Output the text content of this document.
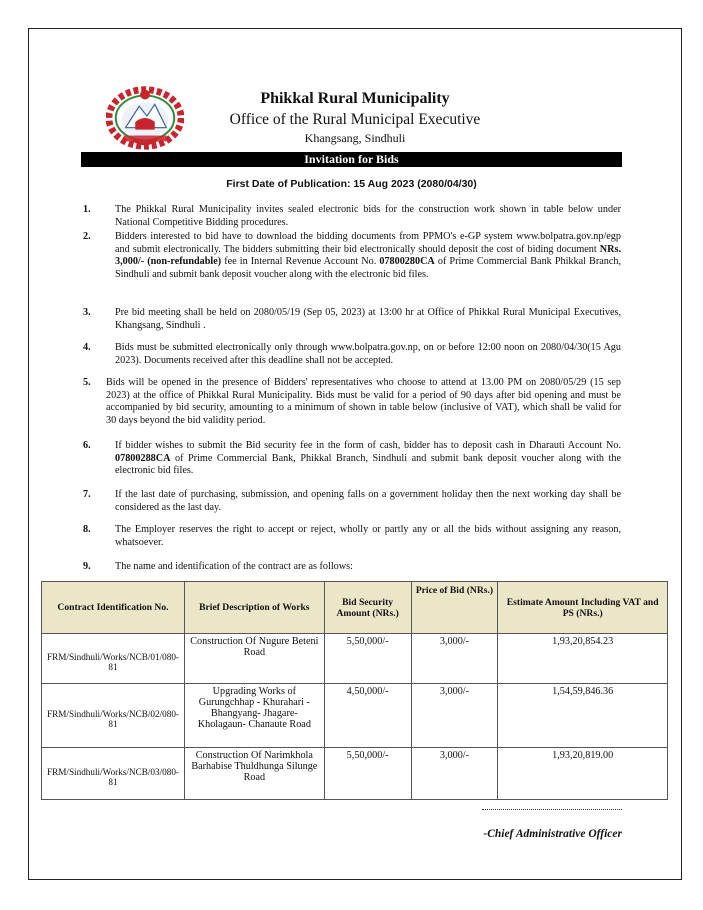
Phikkal Rural Municipality
Office of the Rural Municipal Executive
Khangsang, Sindhuli
Invitation for Bids
First Date of Publication: 15 Aug 2023 (2080/04/30)
1. The Phikkal Rural Municipality invites sealed electronic bids for the construction work shown in table below under National Competitive Bidding procedures.
2. Bidders interested to bid have to download the bidding documents from PPMO's e-GP system www.bolpatra.gov.np/egp and submit electronically. The bidders submitting their bid electronically should deposit the cost of biding document NRs. 3,000/- (non-refundable) fee in Internal Revenue Account No. 07800280CA of Prime Commercial Bank Phikkal Branch, Sindhuli and submit bank deposit voucher along with the electronic bid files.
3. Pre bid meeting shall be held on 2080/05/19 (Sep 05, 2023) at 13:00 hr at Office of Phikkal Rural Municipal Executives, Khangsang, Sindhuli .
4. Bids must be submitted electronically only through www.bolpatra.gov.np, on or before 12:00 noon on 2080/04/30(15 Agu 2023). Documents received after this deadline shall not be accepted.
5. Bids will be opened in the presence of Bidders' representatives who choose to attend at 13.00 PM on 2080/05/29 (15 sep 2023) at the office of Phikkal Rural Municipality. Bids must be valid for a period of 90 days after bid opening and must be accompanied by bid security, amounting to a minimum of shown in table below (inclusive of VAT), which shall be valid for 30 days beyond the bid validity period.
6. If bidder wishes to submit the Bid security fee in the form of cash, bidder has to deposit cash in Dharauti Account No. 07800288CA of Prime Commercial Bank, Phikkal Branch, Sindhuli and submit bank deposit voucher along with the electronic bid files.
7. If the last date of purchasing, submission, and opening falls on a government holiday then the next working day shall be considered as the last day.
8. The Employer reserves the right to accept or reject, wholly or partly any or all the bids without assigning any reason, whatsoever.
9. The name and identification of the contract are as follows:
Contract Identification No.	Brief Description of Works	Bid Security Amount (NRs.)	Price of Bid (NRs.)	Estimate Amount Including VAT and PS (NRs.)
FRM/Sindhuli/Works/NCB/01/080-81	Construction Of Nugure Beteni Road	5,50,000/-	3,000/-	1,93,20,854.23
FRM/Sindhuli/Works/NCB/02/080-81	Upgrading Works of Gurungchhap - Khurahari - Bhangyang- Jhagare- Kholagaun- Chanaute Road	4,50,000/-	3,000/-	1,54,59,846.36
FRM/Sindhuli/Works/NCB/03/080-81	Construction Of Narimkhola Barhabise Thuldhunga Silunge Road	5,50,000/-	3,000/-	1,93,20,819.00
-Chief Administrative Officer
